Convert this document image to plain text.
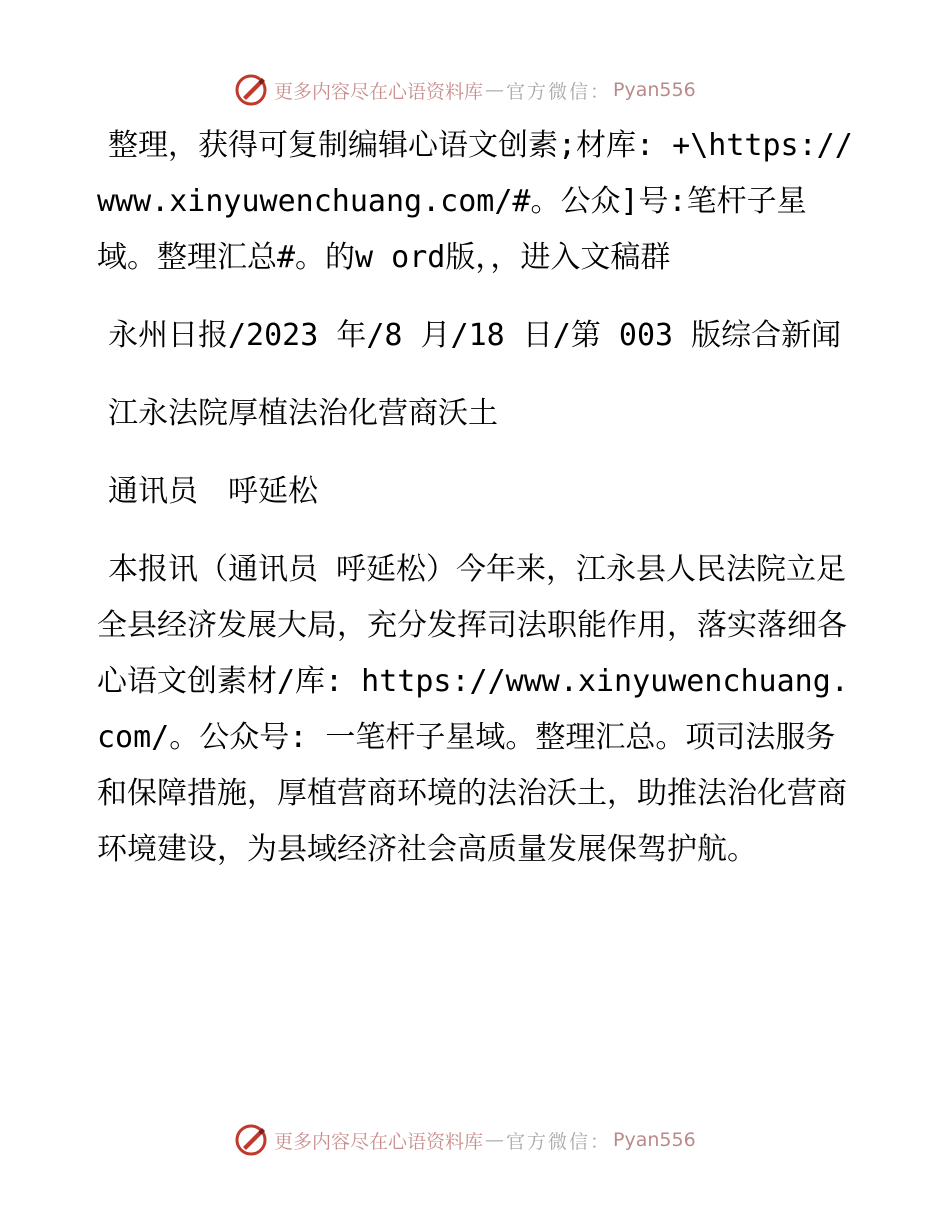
更多内容尽在心语资料库 — 官方微信： Pyan556

整理，获得可复制编辑心语文创素;材库: +\https://www.xinyuwenchuang.com/#。公众]号:笔杆子星域。整理汇总#。的w ord版，，进入文稿群

永州日报/2023 年/8 月/18 日/第 003 版综合新闻

江永法院厚植法治化营商沃土

通讯员　呼延松

本报讯（通讯员 呼延松）今年来，江永县人民法院立足全县经济发展大局，充分发挥司法职能作用，落实落细各心语文创素材/库: https://www.xinyuwenchuang.com/。公众号: 一笔杆子星域。整理汇总。项司法服务和保障措施，厚植营商环境的法治沃土，助推法治化营商环境建设，为县域经济社会高质量发展保驾护航。

更多内容尽在心语资料库 — 官方微信： Pyan556
